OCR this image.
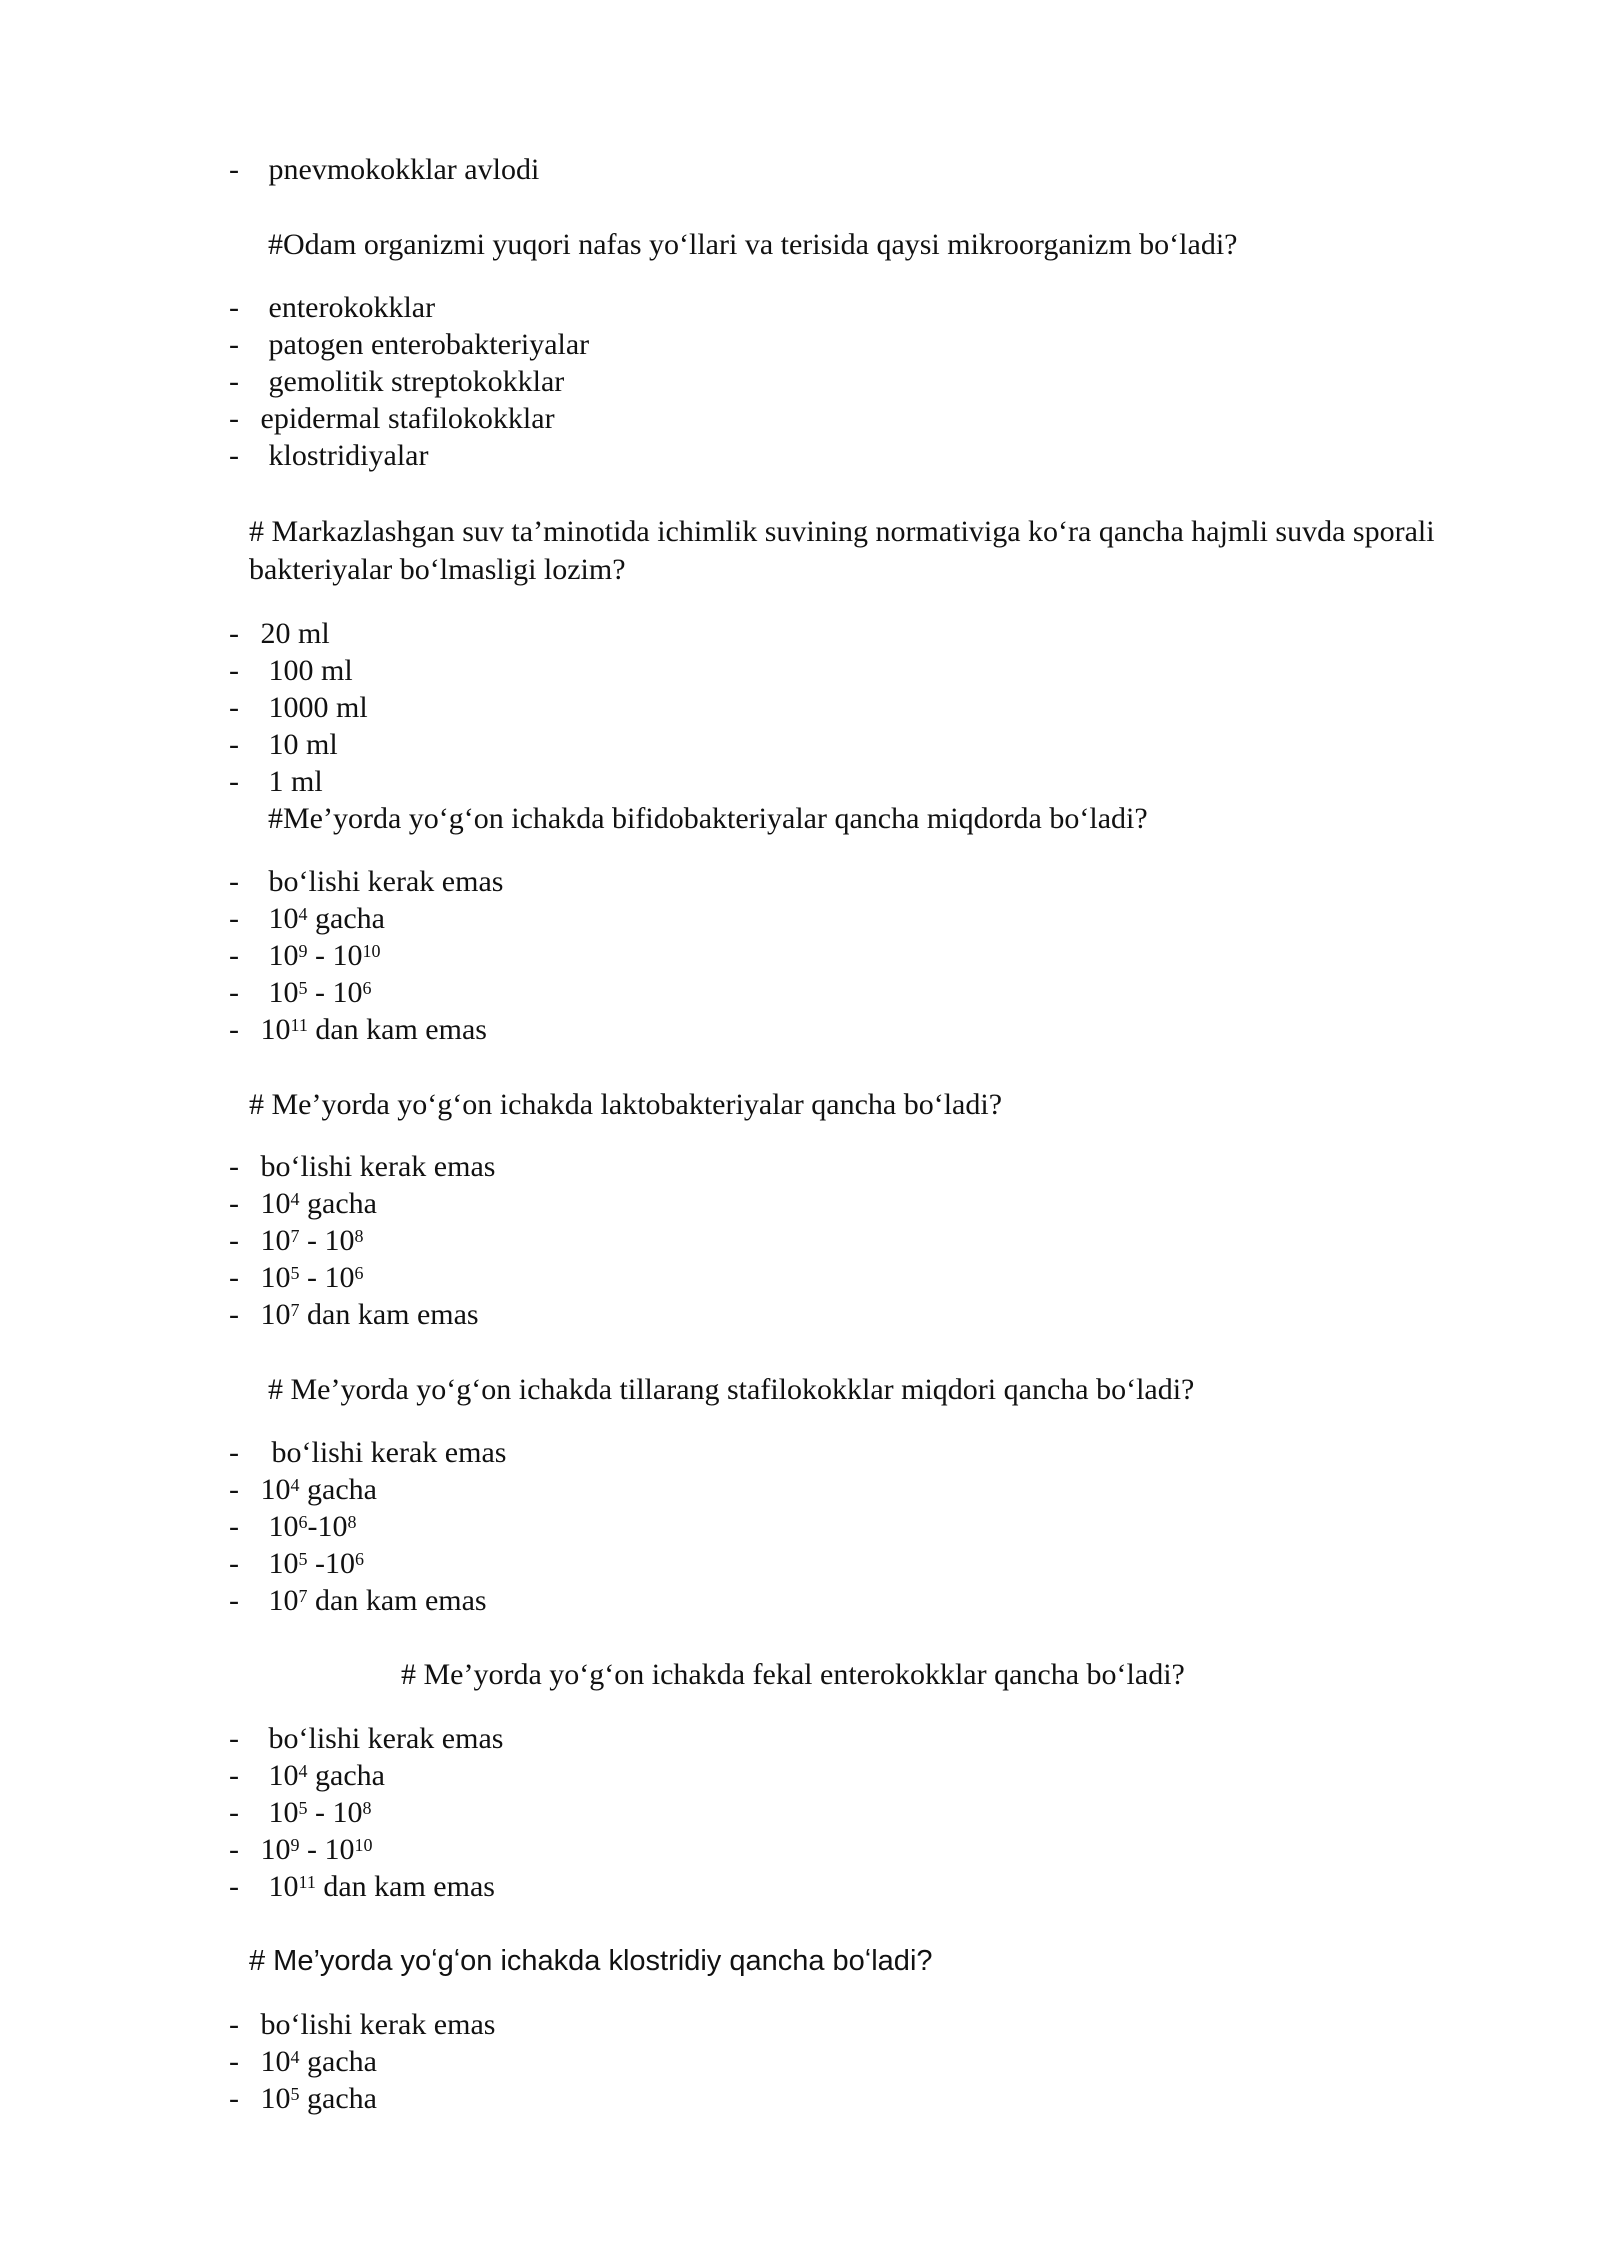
- pnevmokokklar avlodi
#Odam organizmi yuqori nafas yo‘llari va terisida qaysi mikroorganizm bo‘ladi?
- enterokokklar
- patogen enterobakteriyalar
- gemolitik streptokokklar
- epidermal stafilokokklar
- klostridiyalar
# Markazlashgan suv ta’minotida ichimlik suvining normativiga ko‘ra qancha hajmli suvda sporali bakteriyalar bo‘lmasligi lozim?
- 20 ml
- 100 ml
- 1000 ml
- 10 ml
- 1 ml
#Me’yorda yo‘g‘on ichakda bifidobakteriyalar qancha miqdorda bo‘ladi?
- bo‘lishi kerak emas
- $10^4$ gacha
- $10^9 - 10^{10}$
- $10^5 - 10^6$
- $10^{11}$ dan kam emas
# Me’yorda yo‘g‘on ichakda laktobakteriyalar qancha bo‘ladi?
- bo‘lishi kerak emas
- $10^4$ gacha
- $10^7 - 10^8$
- $10^5 - 10^6$
- $10^7$ dan kam emas
# Me’yorda yo‘g‘on ichakda tillarang stafilokokklar miqdori qancha bo‘ladi?
- bo‘lishi kerak emas
- $10^4$ gacha
- $10^6-10^8$
- $10^5$ $-10^6$
- $10^7$ dan kam emas
# Me’yorda yo‘g‘on ichakda fekal enterokokklar qancha bo‘ladi?
- bo‘lishi kerak emas
- $10^4$ gacha
- $10^5 - 10^8$
- $10^9 - 10^{10}$
- $10^{11}$ dan kam emas
# Me’yorda yoʻgʻon ichakda klostridiy qancha boʻladi?
- bo‘lishi kerak emas
- $10^4$ gacha
- $10^5$ gacha
